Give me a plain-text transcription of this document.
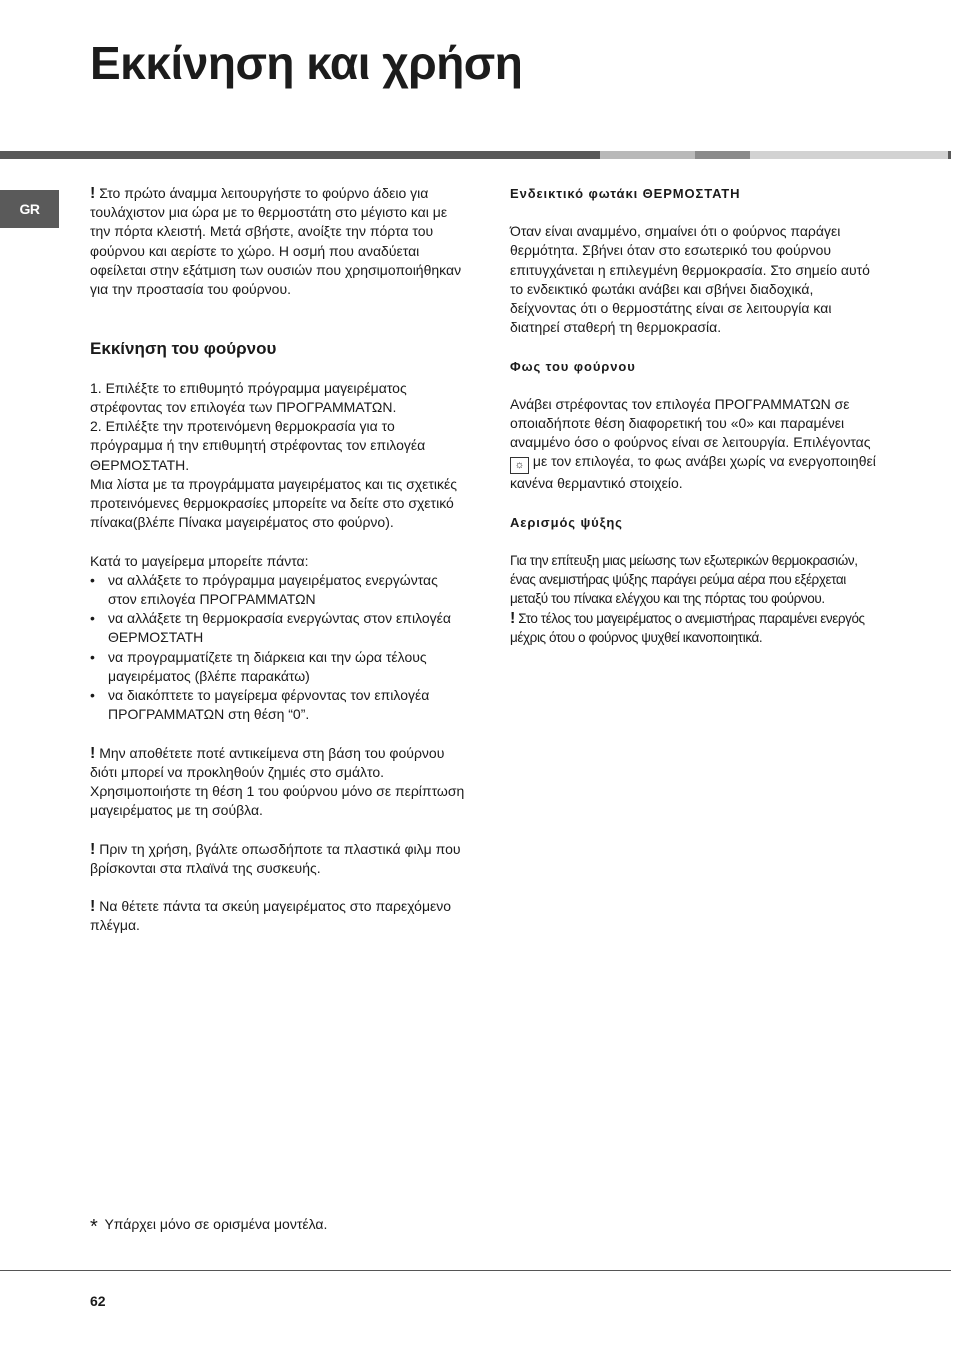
Εκκίνηση και χρήση
GR

! Στο πρώτο άναμμα λειτουργήστε το φούρνο άδειο για τουλάχιστον μια ώρα με το θερμοστάτη στο μέγιστο και με την πόρτα κλειστή. Μετά σβήστε, ανοίξτε την πόρτα του φούρνου και αερίστε το χώρο. Η οσμή που αναδύεται οφείλεται στην εξάτμιση των ουσιών που χρησιμοποιήθηκαν για την προστασία του φούρνου.

Εκκίνηση του φούρνου

1. Επιλέξτε το επιθυμητό πρόγραμμα μαγειρέματος στρέφοντας τον επιλογέα των ΠΡΟΓΡΑΜΜΑΤΩΝ.

2. Επιλέξτε την προτεινόμενη θερμοκρασία για το πρόγραμμα ή την επιθυμητή στρέφοντας τον επιλογέα ΘΕΡΜΟΣΤΑΤΗ.

Μια λίστα με τα προγράμματα μαγειρέματος και τις σχετικές προτεινόμενες θερμοκρασίες μπορείτε να δείτε στο σχετικό πίνακα(βλέπε Πίνακα μαγειρέματος στο φούρνο).

Κατά το μαγείρεμα μπορείτε πάντα:

• να αλλάξετε το πρόγραμμα μαγειρέματος ενεργώντας στον επιλογέα ΠΡΟΓΡΑΜΜΑΤΩΝ
• να αλλάξετε τη θερμοκρασία ενεργώντας στον επιλογέα ΘΕΡΜΟΣΤΑΤΗ
• να προγραμματίζετε τη διάρκεια και την ώρα τέλους μαγειρέματος (βλέπε παρακάτω)
• να διακόπτετε το μαγείρεμα φέρνοντας τον επιλογέα ΠΡΟΓΡΑΜΜΑΤΩΝ στη θέση “0”.

! Μην αποθέτετε ποτέ αντικείμενα στη βάση του φούρνου διότι μπορεί να προκληθούν ζημιές στο σμάλτο. Χρησιμοποιήστε τη θέση 1 του φούρνου μόνο σε περίπτωση μαγειρέματος με τη σούβλα.

! Πριν τη χρήση, βγάλτε οπωσδήποτε τα πλαστικά φιλμ που βρίσκονται στα πλαϊνά της συσκευής.

! Να θέτετε πάντα τα σκεύη μαγειρέματος στο παρεχόμενο πλέγμα.

Ενδεικτικό φωτάκι ΘΕΡΜΟΣΤΑΤΗ

Όταν είναι αναμμένο, σημαίνει ότι ο φούρνος παράγει θερμότητα. Σβήνει όταν στο εσωτερικό του φούρνου επιτυγχάνεται η επιλεγμένη θερμοκρασία. Στο σημείο αυτό το ενδεικτικό φωτάκι ανάβει και σβήνει διαδοχικά, δείχνοντας ότι ο θερμοστάτης είναι σε λειτουργία και διατηρεί σταθερή τη θερμοκρασία.

Φως του φούρνου

Ανάβει στρέφοντας τον επιλογέα ΠΡΟΓΡΑΜΜΑΤΩΝ σε οποιαδήποτε θέση διαφορετική του «0» και παραμένει αναμμένο όσο ο φούρνος είναι σε λειτουργία. Επιλέγοντας ☼ με τον επιλογέα, το φως ανάβει χωρίς να ενεργοποιηθεί κανένα θερμαντικό στοιχείο.

Αερισμός ψύξης

Για την επίτευξη μιας μείωσης των εξωτερικών θερμοκρασιών, ένας ανεμιστήρας ψύξης παράγει ρεύμα αέρα που εξέρχεται μεταξύ του πίνακα ελέγχου και της πόρτας του φούρνου.

! Στο τέλος του μαγειρέματος ο ανεμιστήρας παραμένει ενεργός μέχρις ότου ο φούρνος ψυχθεί ικανοποιητικά.

* Υπάρχει μόνο σε ορισμένα μοντέλα.
62
